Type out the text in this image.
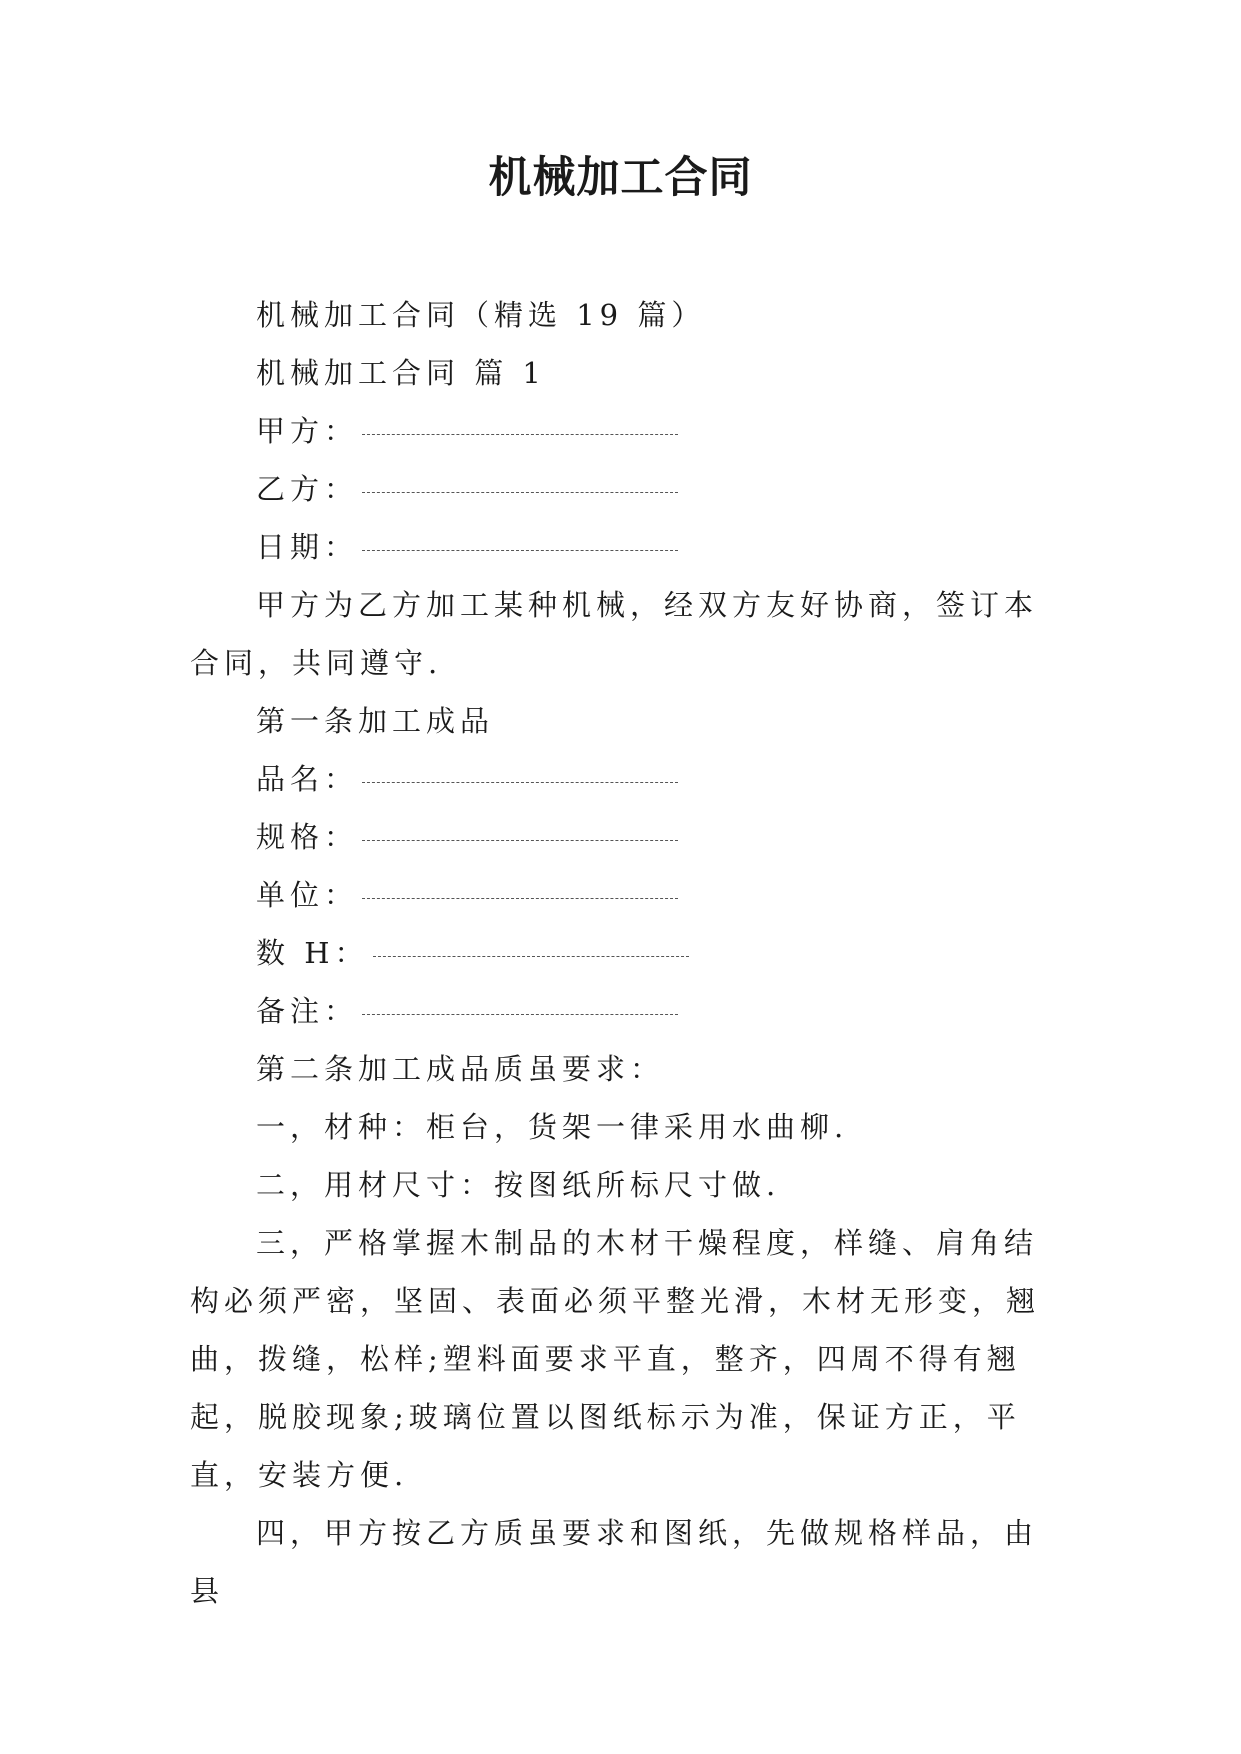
机械加工合同

机械加工合同（精选 19 篇）

机械加工合同 篇 1

甲方：

乙方：

日期：

甲方为乙方加工某种机械，经双方友好协商，签订本合同，共同遵守.

第一条加工成品

品名：

规格：

单位：

数 H：

备注：

第二条加工成品质虽要求：

一，材种：柜台，货架一律采用水曲柳.

二，用材尺寸：按图纸所标尺寸做.

三，严格掌握木制品的木材干燥程度，样缝、肩角结构必须严密，坚固、表面必须平整光滑，木材无形变，翘曲，拨缝，松样;塑料面要求平直，整齐，四周不得有翘起，脱胶现象;玻璃位置以图纸标示为准，保证方正，平直，安装方便.

四，甲方按乙方质虽要求和图纸，先做规格样品，由县
